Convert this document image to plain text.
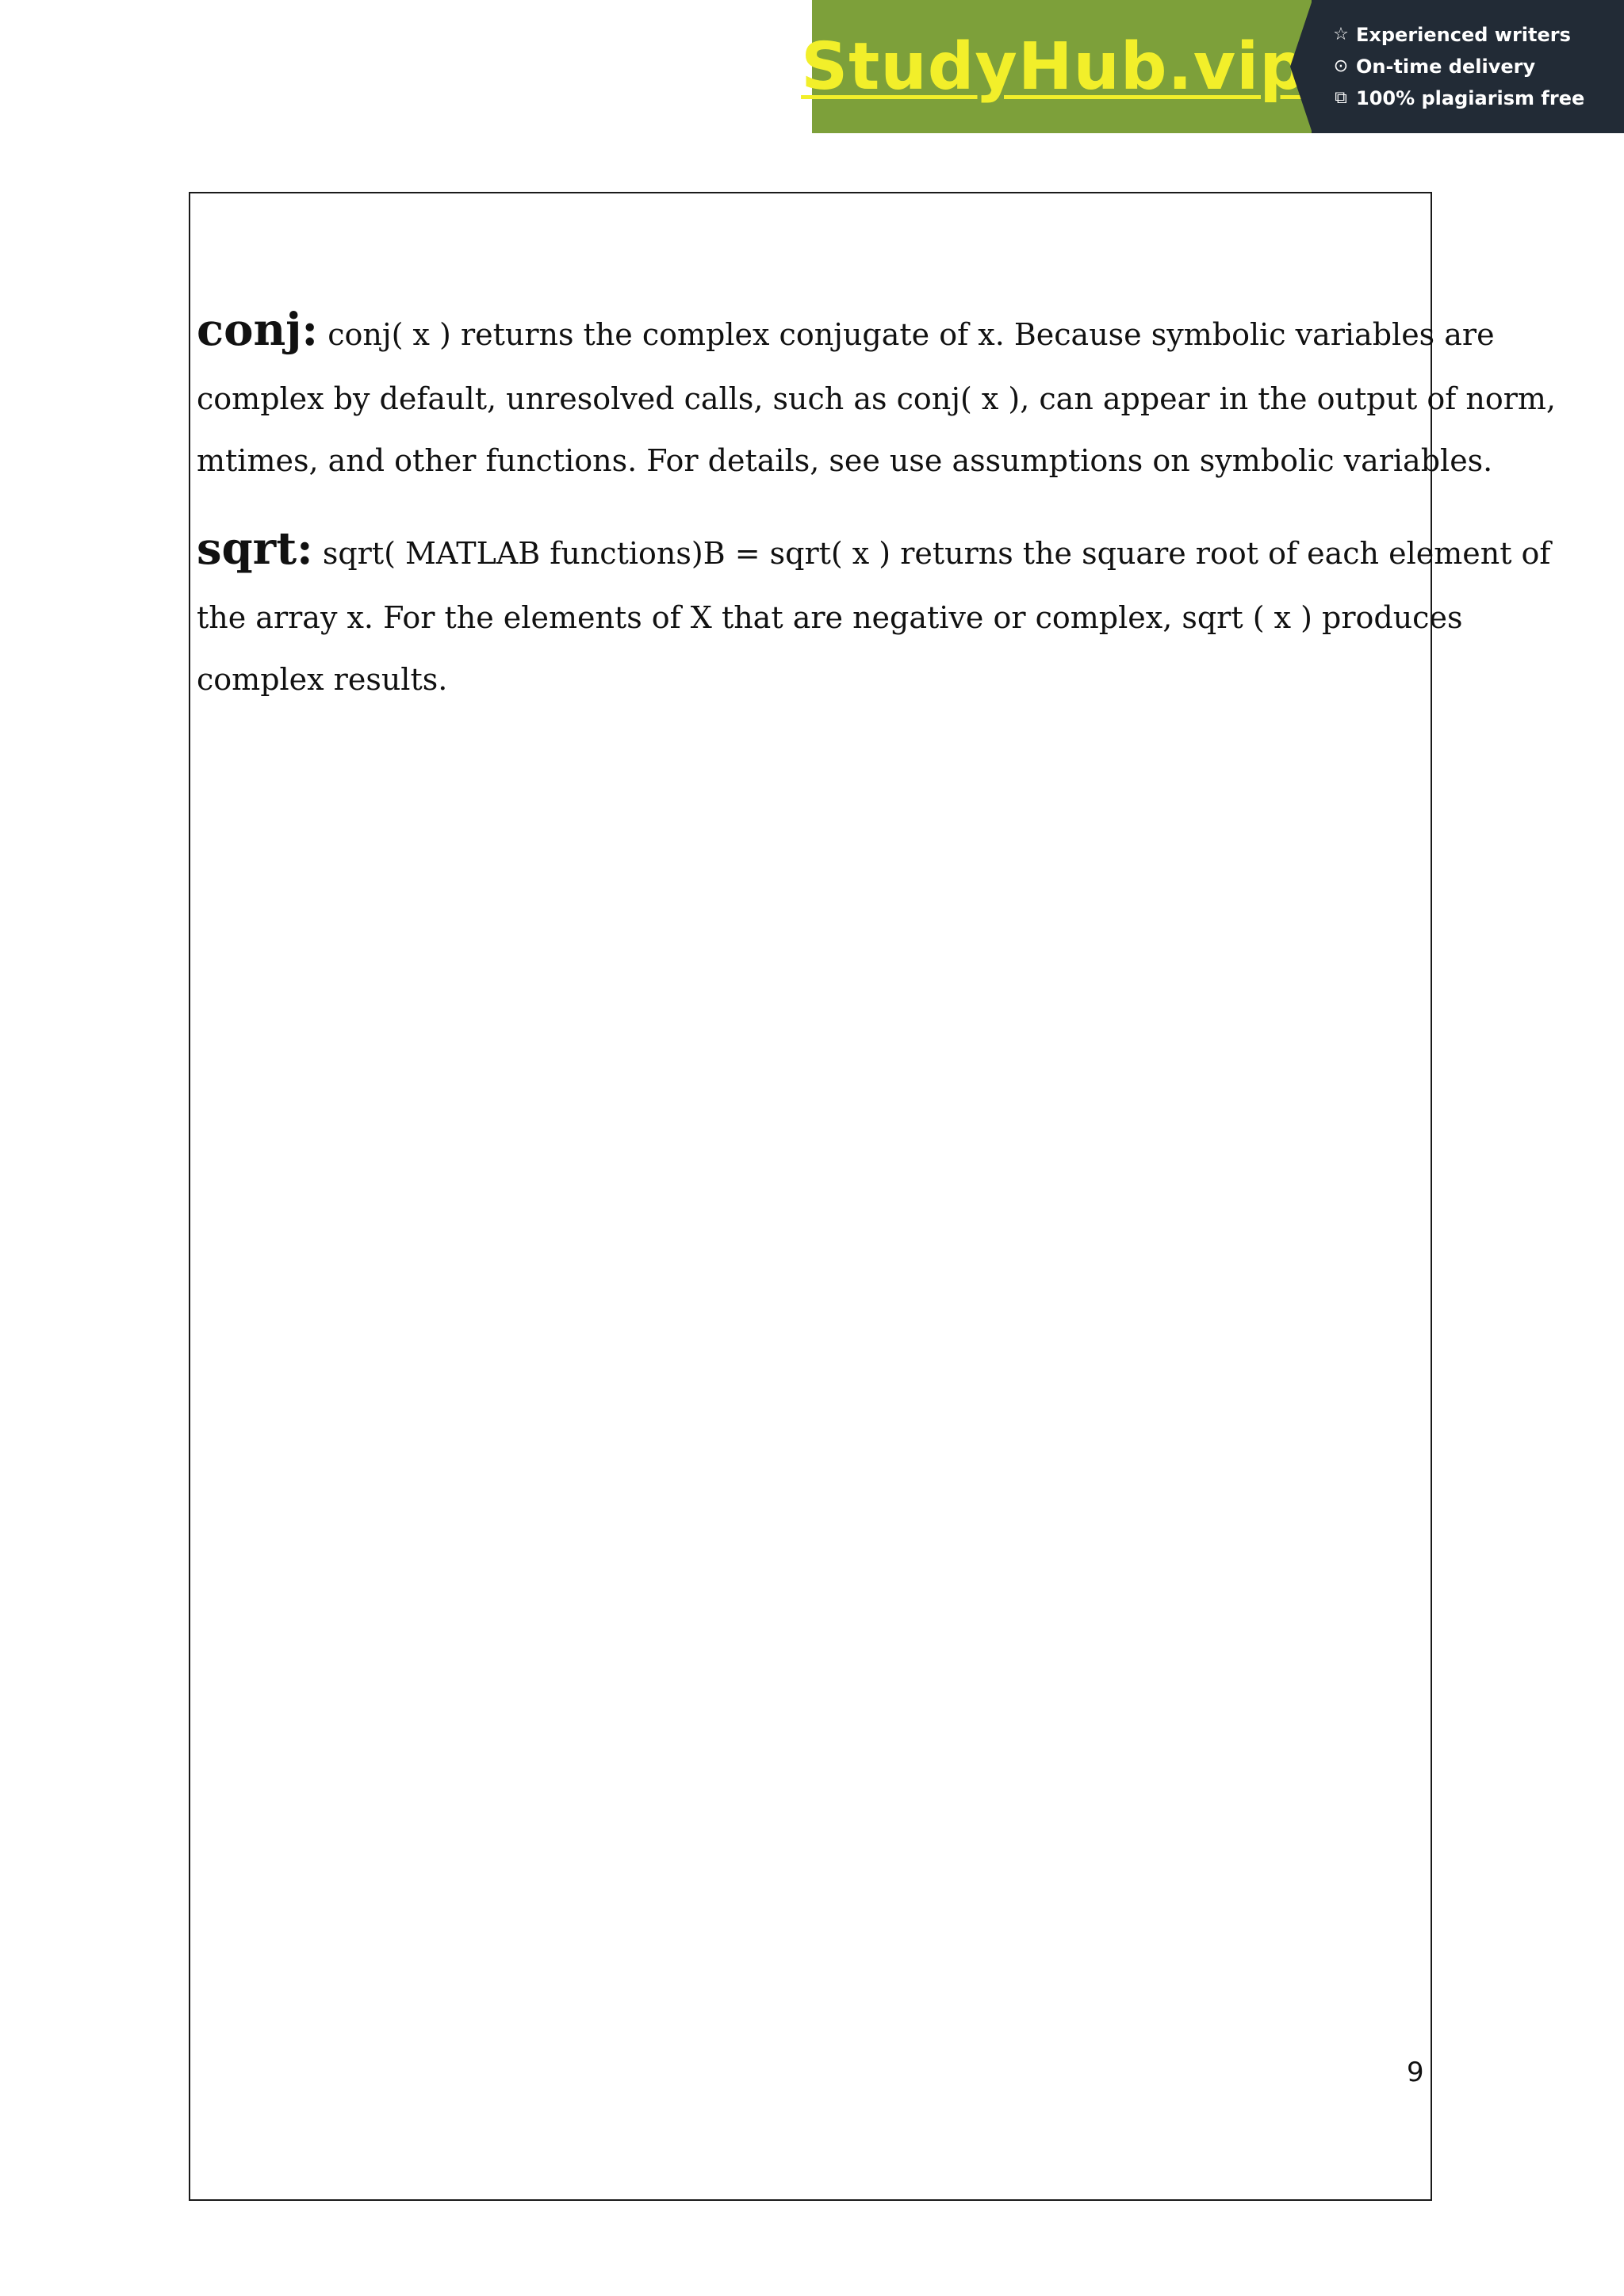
StudyHub.vip ☆ Experienced writers
⊙ On-time delivery
⧉ 100% plagiarism free
conj: conj( x ) returns the complex conjugate of x. Because symbolic variables are
complex by default, unresolved calls, such as conj( x ), can appear in the output of norm,
mtimes, and other functions. For details, see use assumptions on symbolic variables.
sqrt: sqrt( MATLAB functions)B = sqrt( x ) returns the square root of each element of
the array x. For the elements of X that are negative or complex, sqrt ( x ) produces
complex results.
9
